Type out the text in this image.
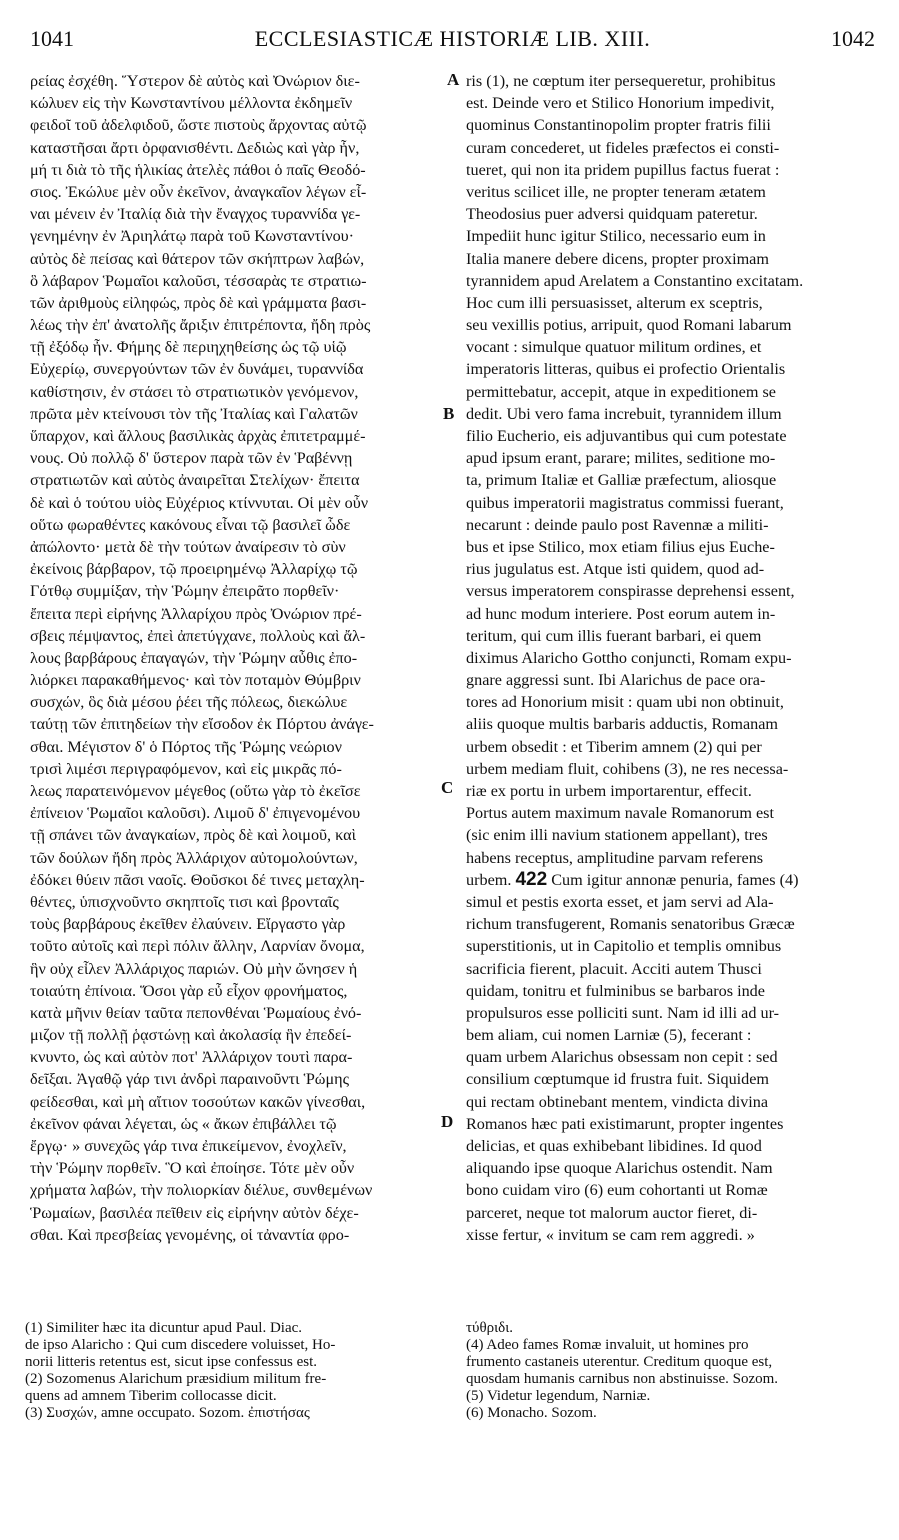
1041	ECCLESIASTICÆ HISTORIÆ LIB. XIII.	1042
ρείας ἐσχέθη. Ὕστερον δὲ αὐτὸς καὶ Ὀνώριον διε-
κώλυεν εἰς τὴν Κωνσταντίνου μέλλοντα ἐκδημεῖν
φειδοῖ τοῦ ἀδελφιδοῦ, ὥστε πιστοὺς ἄρχοντας αὐτῷ
καταστῆσαι ἄρτι ὀρφανισθέντι. Δεδιὼς καὶ γὰρ ἦν,
μή τι διὰ τὸ τῆς ἡλικίας ἀτελὲς πάθοι ὁ παῖς Θεοδό-
σιος. Ἐκώλυε μὲν οὖν ἐκεῖνον, ἀναγκαῖον λέγων εἶ-
ναι μένειν ἐν Ἰταλίᾳ διὰ τὴν ἔναγχος τυραννίδα γε-
γενημένην ἐν Ἀριηλάτῳ παρὰ τοῦ Κωνσταντίνου·
αὐτὸς δὲ πείσας καὶ θάτερον τῶν σκήπτρων λαβών,
ὃ λάβαρον Ῥωμαῖοι καλοῦσι, τέσσαρὰς τε στρατιω-
τῶν ἀριθμοὺς εἰληφώς, πρὸς δὲ καὶ γράμματα βασι-
λέως τὴν ἐπ' ἀνατολῆς ἄριξιν ἐπιτρέποντα, ἤδη πρὸς
τῇ ἐξόδῳ ἦν. Φήμης δὲ περιηχηθείσης ὡς τῷ υἱῷ
Εὐχερίῳ, συνεργούντων τῶν ἐν δυνάμει, τυραννίδα
καθίστησιν, ἐν στάσει τὸ στρατιωτικὸν γενόμενον,
πρῶτα μὲν κτείνουσι τὸν τῆς Ἰταλίας καὶ Γαλατῶν
ὕπαρχον, καὶ ἄλλους βασιλικὰς ἀρχὰς ἐπιτετραμμέ-
νους. Οὐ πολλῷ δ' ὕστερον παρὰ τῶν ἐν Ῥαβέννῃ
στρατιωτῶν καὶ αὐτὸς ἀναιρεῖται Στελίχων· ἔπειτα
δὲ καὶ ὁ τούτου υἱὸς Εὐχέριος κτίννυται. Οἱ μὲν οὖν
οὕτω φωραθέντες κακόνους εἶναι τῷ βασιλεῖ ὧδε
ἀπώλοντο· μετὰ δὲ τὴν τούτων ἀναίρεσιν τὸ σὺν
ἐκείνοις βάρβαρον, τῷ προειρημένῳ Ἀλλαρίχῳ τῷ
Γότθῳ συμμίξαν, τὴν Ῥώμην ἐπειρᾶτο πορθεῖν·
ἔπειτα περὶ εἰρήνης Ἀλλαρίχου πρὸς Ὀνώριον πρέ-
σβεις πέμψαντος, ἐπεὶ ἀπετύγχανε, πολλοὺς καὶ ἄλ-
λους βαρβάρους ἐπαγαγών, τὴν Ῥώμην αὖθις ἐπο-
λιόρκει παρακαθήμενος· καὶ τὸν ποταμὸν Θύμβριν
συσχών, ὃς διὰ μέσου ῥέει τῆς πόλεως, διεκώλυε
ταύτῃ τῶν ἐπιτηδείων τὴν εἴσοδον ἐκ Πόρτου ἀνάγε-
σθαι. Μέγιστον δ' ὁ Πόρτος τῆς Ῥώμης νεώριον
τρισὶ λιμέσι περιγραφόμενον, καὶ εἰς μικρᾶς πό-
λεως παρατεινόμενον μέγεθος (οὕτω γὰρ τὸ ἐκεῖσε
ἐπίνειον Ῥωμαῖοι καλοῦσι). Λιμοῦ δ' ἐπιγενομένου
τῇ σπάνει τῶν ἀναγκαίων, πρὸς δὲ καὶ λοιμοῦ, καὶ
τῶν δούλων ἤδη πρὸς Ἀλλάριχον αὐτομολούντων,
ἐδόκει θύειν πᾶσι ναοῖς. Θοῦσκοι δέ τινες μεταχλη-
θέντες, ὑπισχνοῦντο σκηπτοῖς τισι καὶ βρονταῖς
τοὺς βαρβάρους ἐκεῖθεν ἐλαύνειν. Εἴργαστο γὰρ
τοῦτο αὐτοῖς καὶ περὶ πόλιν ἄλλην, Λαρνίαν ὄνομα,
ἣν οὐχ εἷλεν Ἀλλάριχος παριών. Οὐ μὴν ὤνησεν ἡ
τοιαύτη ἐπίνοια. Ὅσοι γὰρ εὖ εἶχον φρονήματος,
κατὰ μῆνιν θείαν ταῦτα πεπονθέναι Ῥωμαίους ἐνό-
μιζον τῇ πολλῇ ῥᾳστώνῃ καὶ ἀκολασίᾳ ἣν ἐπεδεί-
κνυντο, ὡς καὶ αὐτὸν ποτ' Ἀλλάριχον τουτὶ παρα-
δεῖξαι. Ἀγαθῷ γάρ τινι ἀνδρὶ παραινοῦντι Ῥώμης
φείδεσθαι, καὶ μὴ αἴτιον τοσούτων κακῶν γίνεσθαι,
ἐκεῖνον φάναι λέγεται, ὡς « ἄκων ἐπιβάλλει τῷ
ἔργῳ· » συνεχῶς γάρ τινα ἐπικείμενον, ἐνοχλεῖν,
τὴν Ῥώμην πορθεῖν. Ὃ καὶ ἐποίησε. Τότε μὲν οὖν
χρήματα λαβών, τὴν πολιορκίαν διέλυε, συνθεμένων
Ῥωμαίων, βασιλέα πεῖθειν εἰς εἰρήνην αὐτὸν δέχε-
σθαι. Καὶ πρεσβείας γενομένης, οἱ τἀναντία φρο-
A
B
C
D
ris (1), ne cœptum iter persequeretur, prohibitus
est. Deinde vero et Stilico Honorium impedivit,
quominus Constantinopolim propter fratris filii
curam concederet, ut fideles præfectos ei consti-
tueret, qui non ita pridem pupillus factus fuerat :
veritus scilicet ille, ne propter teneram ætatem
Theodosius puer adversi quidquam pateretur.
Impediit hunc igitur Stilico, necessario eum in
Italia manere debere dicens, propter proximam
tyrannidem apud Arelatem a Constantino excitatam.
Hoc cum illi persuasisset, alterum ex sceptris,
seu vexillis potius, arripuit, quod Romani labarum
vocant : simulque quatuor militum ordines, et
imperatoris litteras, quibus ei profectio Orientalis
permittebatur, accepit, atque in expeditionem se
dedit. Ubi vero fama increbuit, tyrannidem illum
filio Eucherio, eis adjuvantibus qui cum potestate
apud ipsum erant, parare; milites, seditione mo-
ta, primum Italiæ et Galliæ præfectum, aliosque
quibus imperatorii magistratus commissi fuerant,
necarunt : deinde paulo post Ravennæ a militi-
bus et ipse Stilico, mox etiam filius ejus Euche-
rius jugulatus est. Atque isti quidem, quod ad-
versus imperatorem conspirasse deprehensi essent,
ad hunc modum interiere. Post eorum autem in-
teritum, qui cum illis fuerant barbari, ei quem
diximus Alaricho Gottho conjuncti, Romam expu-
gnare aggressi sunt. Ibi Alarichus de pace ora-
tores ad Honorium misit : quam ubi non obtinuit,
aliis quoque multis barbaris adductis, Romanam
urbem obsedit : et Tiberim amnem (2) qui per
urbem mediam fluit, cohibens (3), ne res necessa-
riæ ex portu in urbem importarentur, effecit.
Portus autem maximum navale Romanorum est
(sic enim illi navium stationem appellant), tres
habens receptus, amplitudine parvam referens
urbem. 422 Cum igitur annonæ penuria, fames (4)
simul et pestis exorta esset, et jam servi ad Ala-
richum transfugerent, Romanis senatoribus Græcæ
superstitionis, ut in Capitolio et templis omnibus
sacrificia fierent, placuit. Acciti autem Thusci
quidam, tonitru et fulminibus se barbaros inde
propulsuros esse polliciti sunt. Nam id illi ad ur-
bem aliam, cui nomen Larniæ (5), fecerant :
quam urbem Alarichus obsessam non cepit : sed
consilium cœptumque id frustra fuit. Siquidem
qui rectam obtinebant mentem, vindicta divina
Romanos hæc pati existimarunt, propter ingentes
delicias, et quas exhibebant libidines. Id quod
aliquando ipse quoque Alarichus ostendit. Nam
bono cuidam viro (6) eum cohortanti ut Romæ
parceret, neque tot malorum auctor fieret, di-
xisse fertur, « invitum se cam rem aggredi. »
(1) Similiter hæc ita dicuntur apud Paul. Diac.
de ipso Alaricho : Qui cum discedere voluisset, Ho-
norii litteris retentus est, sicut ipse confessus est.
(2) Sozomenus Alarichum præsidium militum fre-
quens ad amnem Tiberim collocasse dicit.
(3) Συσχών, amne occupato. Sozom. ἐπιστήσας
τύθριδι.
(4) Adeo fames Romæ invaluit, ut homines pro
frumento castaneis uterentur. Creditum quoque est,
quosdam humanis carnibus non abstinuisse. Sozom.
(5) Videtur legendum, Narniæ.
(6) Monacho. Sozom.
